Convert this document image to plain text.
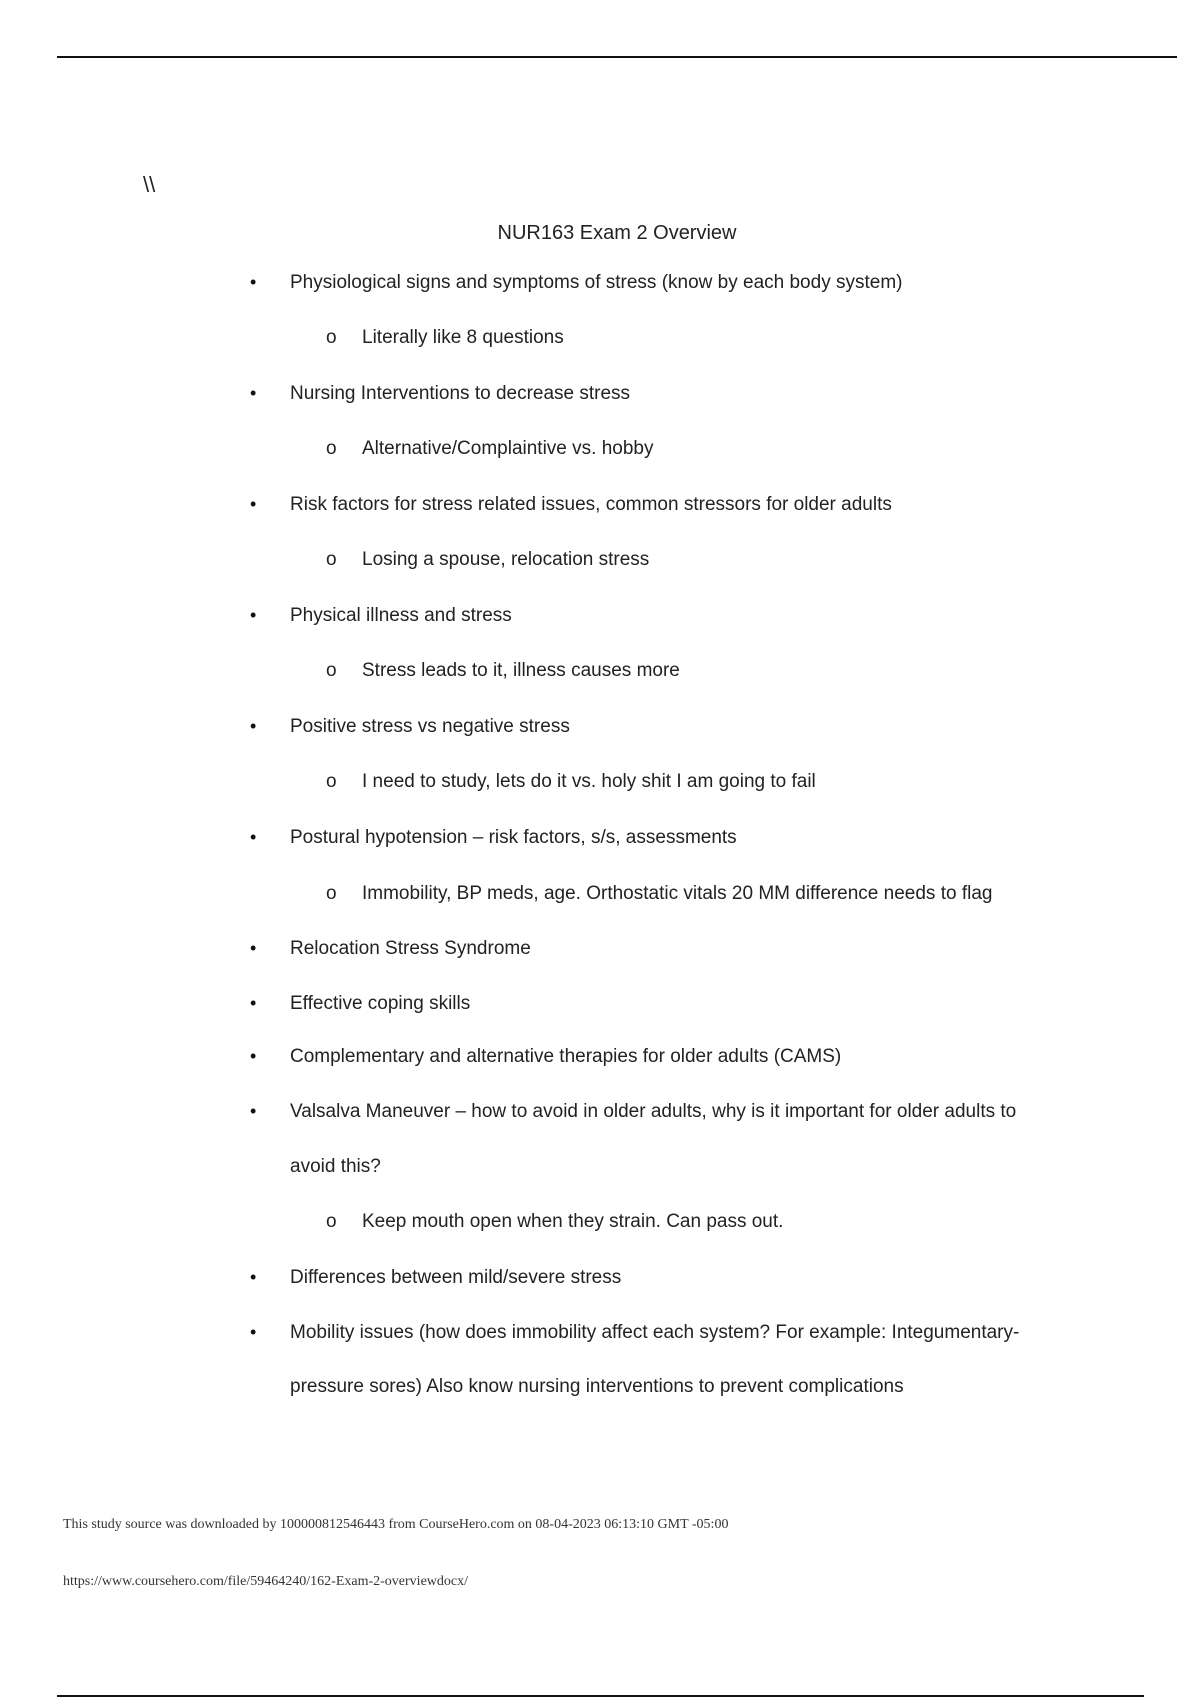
\\
NUR163 Exam 2 Overview
• Physiological signs and symptoms of stress (know by each body system)
o Literally like 8 questions
• Nursing Interventions to decrease stress
o Alternative/Complaintive vs. hobby
• Risk factors for stress related issues, common stressors for older adults
o Losing a spouse, relocation stress
• Physical illness and stress
o Stress leads to it, illness causes more
• Positive stress vs negative stress
o I need to study, lets do it vs. holy shit I am going to fail
• Postural hypotension – risk factors, s/s, assessments
o Immobility, BP meds, age. Orthostatic vitals 20 MM difference needs to flag
• Relocation Stress Syndrome
• Effective coping skills
• Complementary and alternative therapies for older adults (CAMS)
• Valsalva Maneuver – how to avoid in older adults, why is it important for older adults to
avoid this?
o Keep mouth open when they strain. Can pass out.
• Differences between mild/severe stress
• Mobility issues (how does immobility affect each system? For example: Integumentary-
pressure sores) Also know nursing interventions to prevent complications
This study source was downloaded by 100000812546443 from CourseHero.com on 08-04-2023 06:13:10 GMT -05:00
https://www.coursehero.com/file/59464240/162-Exam-2-overviewdocx/
